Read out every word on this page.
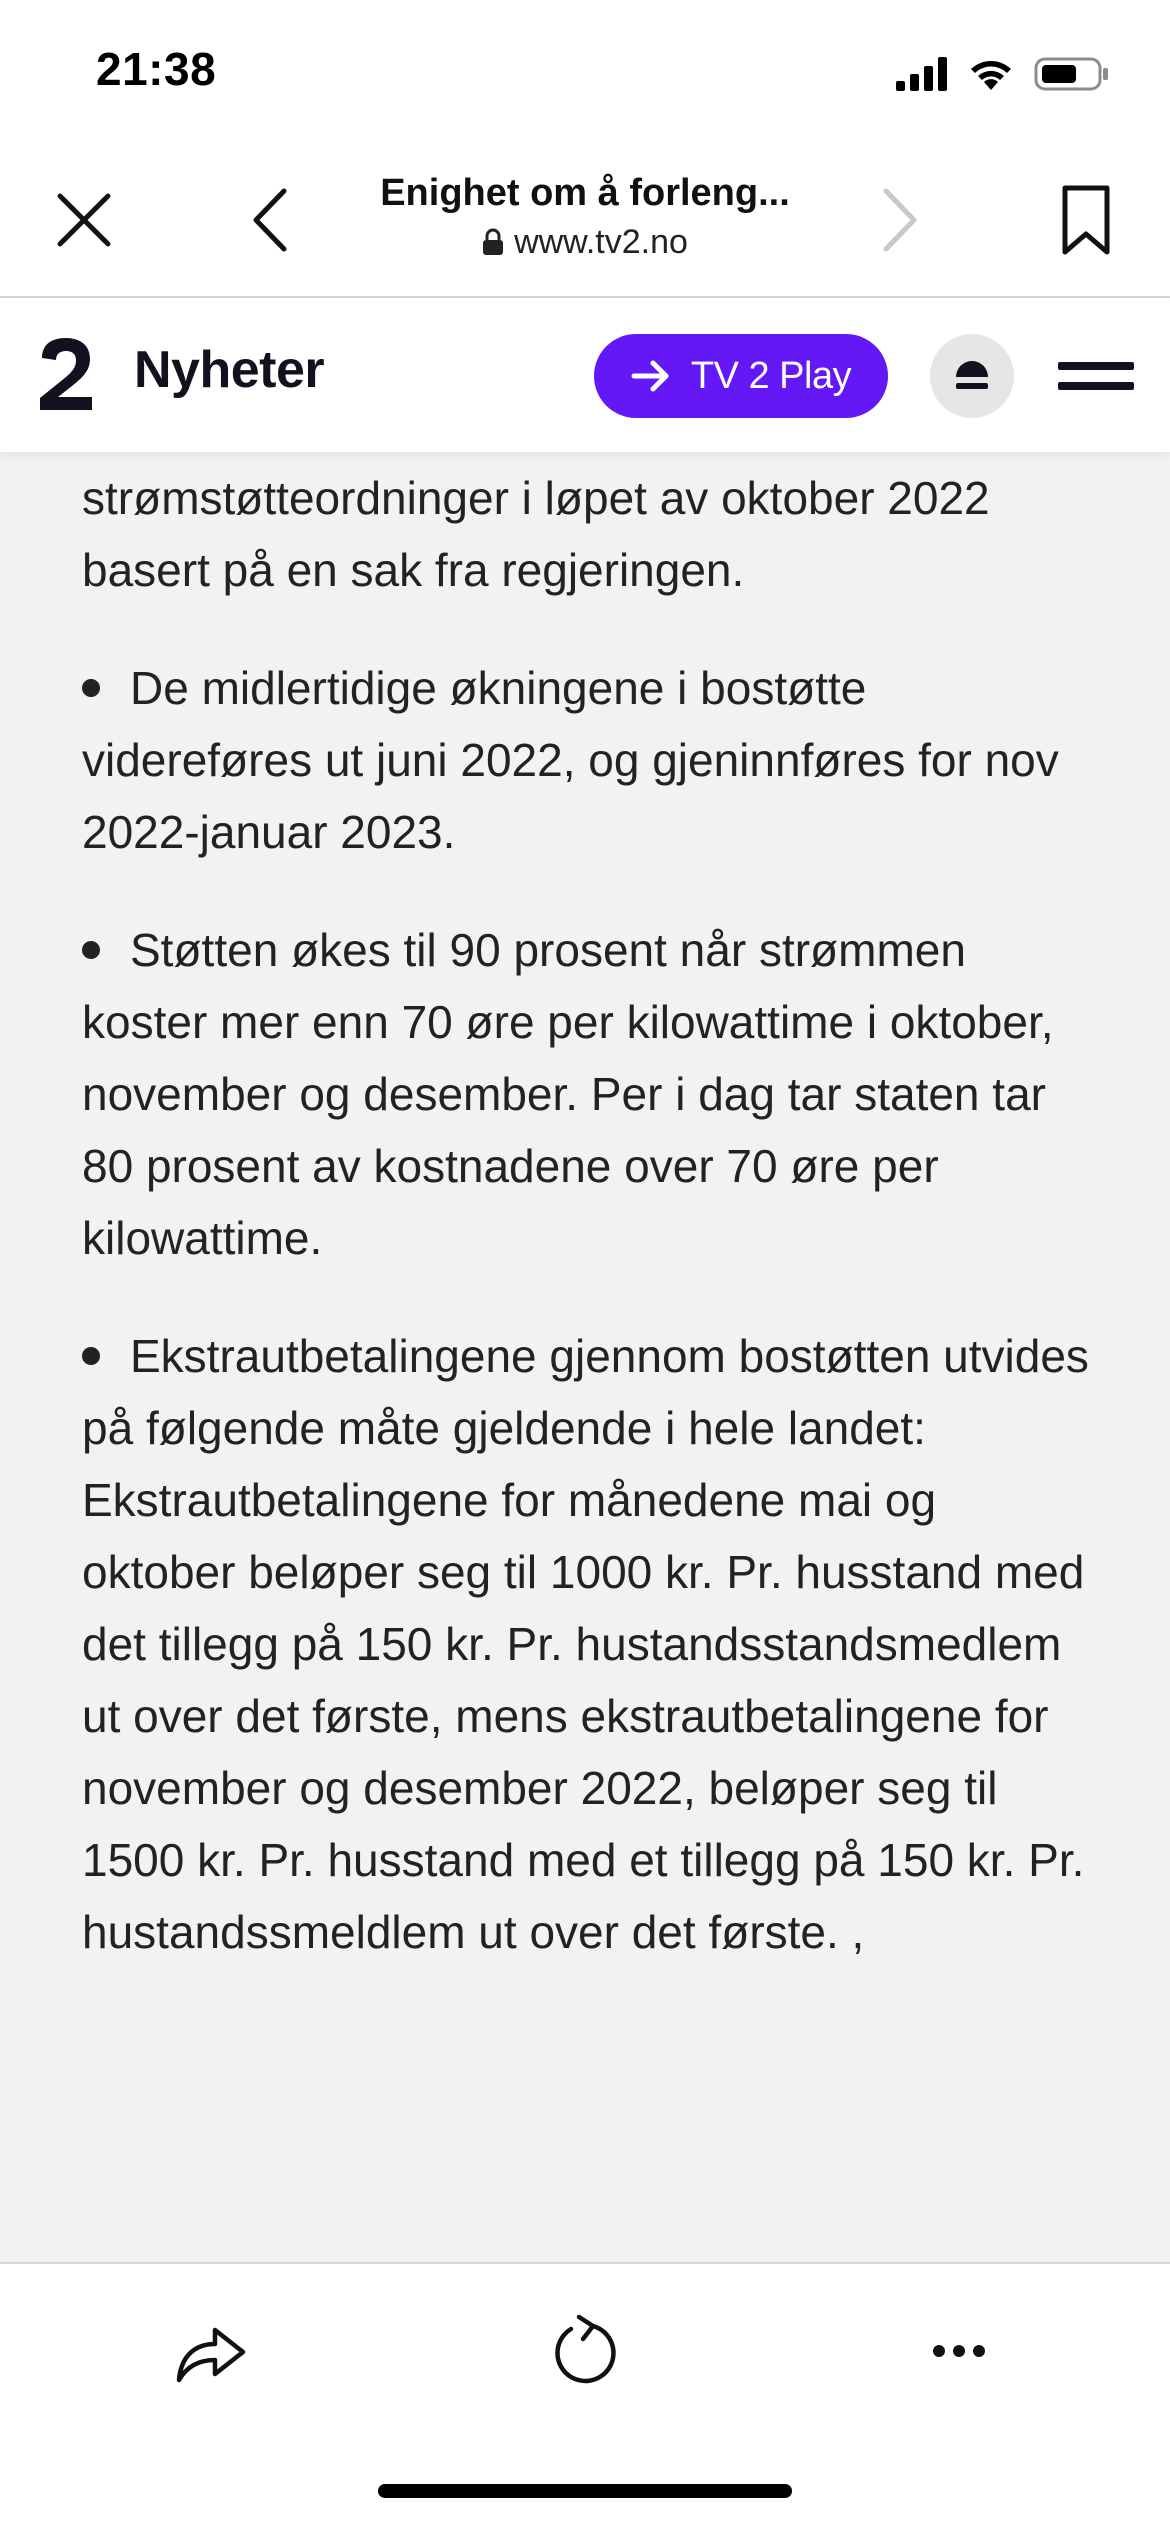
21:38
Enighet om å forleng...
www.tv2.no

strømstøtteordninger i løpet av oktober 2022 basert på en sak fra regjeringen.

De midlertidige økningene i bostøtte videreføres ut juni 2022, og gjeninnføres for nov 2022-januar 2023.

Støtten økes til 90 prosent når strømmen koster mer enn 70 øre per kilowattime i oktober, november og desember. Per i dag tar staten tar 80 prosent av kostnadene over 70 øre per kilowattime.

Ekstrautbetalingene gjennom bostøtten utvides på følgende måte gjeldende i hele landet: Ekstrautbetalingene for månedene mai og oktober beløper seg til 1000 kr. Pr. husstand med det tillegg på 150 kr. Pr. hustandsstandsmedlem ut over det første, mens ekstrautbetalingene for november og desember 2022, beløper seg til 1500 kr. Pr. husstand med et tillegg på 150 kr. Pr. hustandssmeldlem ut over det første. ,

Nyheter	TV 2 Play
